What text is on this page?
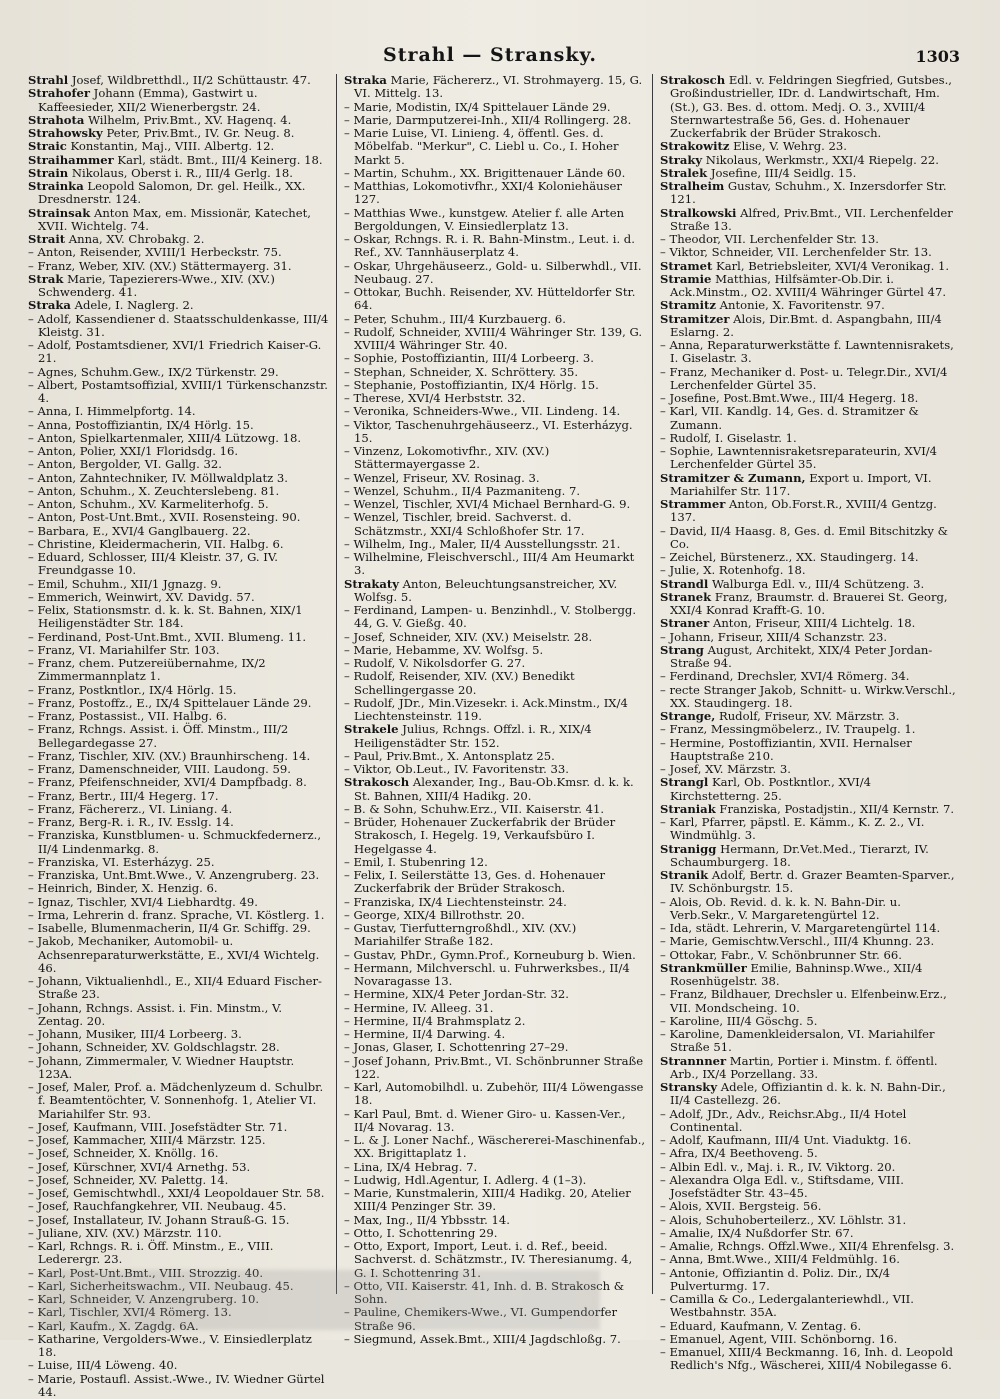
Strahl — Stransky.	1303
Strahl Josef, Wildbretthdl., II/2 Schüttaustr. 47.
Strahofer Johann (Emma), Gastwirt u. Kaffeesieder, XII/2 Wienerbergstr. 24.
Strahota Wilhelm, Priv.Bmt., XV. Hagenq. 4.
Strahowsky Peter, Priv.Bmt., IV. Gr. Neug. 8.
Straic Konstantin, Maj., VIII. Albertg. 12.
Straihammer Karl, städt. Bmt., III/4 Keinerg. 18.
Strain Nikolaus, Oberst i. R., III/4 Gerlg. 18.
Strainka Leopold Salomon, Dr. gel. Heilk., XX. Dresdnerstr. 124.
Strainsak Anton Max, em. Missionär, Katechet, XVII. Wichtelg. 74.
Strait Anna, XV. Chrobakg. 2.
– Anton, Reisender, XVIII/1 Herbeckstr. 75.
– Franz, Weber, XIV. (XV.) Stättermayerg. 31.
Strak Marie, Tapezierers-Wwe., XIV. (XV.) Schwenderg. 41.
Straka Adele, I. Naglerg. 2.
– Adolf, Kassendiener d. Staatsschuldenkasse, III/4 Kleistg. 31.
– Adolf, Postamtsdiener, XVI/1 Friedrich Kaiser-G. 21.
– Agnes, Schuhm.Gew., IX/2 Türkenstr. 29.
– Albert, Postamtsoffizial, XVIII/1 Türkenschanzstr. 4.
– Anna, I. Himmelpfortg. 14.
– Anna, Postoffiziantin, IX/4 Hörlg. 15.
– Anton, Spielkartenmaler, XIII/4 Lützowg. 18.
– Anton, Polier, XXI/1 Floridsdg. 16.
– Anton, Bergolder, VI. Gallg. 32.
– Anton, Zahntechniker, IV. Möllwaldplatz 3.
– Anton, Schuhm., X. Zeuchterslebeng. 81.
– Anton, Schuhm., XV. Karmeliterhofg. 5.
– Anton, Post-Unt.Bmt., XVII. Rosensteing. 90.
– Barbara, E., XVI/4 Ganglbauerg. 22.
– Christine, Kleidermacherin, VII. Halbg. 6.
– Eduard, Schlosser, III/4 Kleistr. 37, G. IV. Freundgasse 10.
– Emil, Schuhm., XII/1 Jgnazg. 9.
– Emmerich, Weinwirt, XV. Davidg. 57.
– Felix, Stationsmstr. d. k. k. St. Bahnen, XIX/1 Heiligenstädter Str. 184.
– Ferdinand, Post-Unt.Bmt., XVII. Blumeng. 11.
– Franz, VI. Mariahilfer Str. 103.
– Franz, chem. Putzereiübernahme, IX/2 Zimmermannplatz 1.
– Franz, Postkntlor., IX/4 Hörlg. 15.
– Franz, Postoffz., E., IX/4 Spittelauer Lände 29.
– Franz, Postassist., VII. Halbg. 6.
– Franz, Rchngs. Assist. i. Öff. Minstm., III/2 Bellegardegasse 27.
– Franz, Tischler, XIV. (XV.) Braunhirscheng. 14.
– Franz, Damenschneider, VIII. Laudong. 59.
– Franz, Pfeifenschneider, XVI/4 Dampfbadg. 8.
– Franz, Bertr., III/4 Hegerg. 17.
– Franz, Fächererz., VI. Liniang. 4.
– Franz, Berg-R. i. R., IV. Esslg. 14.
– Franziska, Kunstblumen- u. Schmuckfedernerz., II/4 Lindenmarkg. 8.
– Franziska, VI. Esterházyg. 25.
– Franziska, Unt.Bmt.Wwe., V. Anzengruberg. 23.
– Heinrich, Binder, X. Henzig. 6.
– Ignaz, Tischler, XVI/4 Liebhardtg. 49.
– Irma, Lehrerin d. franz. Sprache, VI. Köstlerg. 1.
– Isabelle, Blumenmacherin, II/4 Gr. Schiffg. 29.
– Jakob, Mechaniker, Automobil- u. Achsenreparaturwerkstätte, E., XVI/4 Wichtelg. 46.
– Johann, Viktualienhdl., E., XII/4 Eduard Fischer-Straße 23.
– Johann, Rchngs. Assist. i. Fin. Minstm., V. Zentag. 20.
– Johann, Musiker, III/4 Lorbeerg. 3.
– Johann, Schneider, XV. Goldschlagstr. 28.
– Johann, Zimmermaler, V. Wiedner Hauptstr. 123A.
– Josef, Maler, Prof. a. Mädchenlyzeum d. Schulbr. f. Beamtentöchter, V. Sonnenhofg. 1, Atelier VI. Mariahilfer Str. 93.
– Josef, Kaufmann, VIII. Josefstädter Str. 71.
– Josef, Kammacher, XIII/4 Märzstr. 125.
– Josef, Schneider, X. Knöllg. 16.
– Josef, Kürschner, XVI/4 Arnethg. 53.
– Josef, Schneider, XV. Palettg. 14.
– Josef, Gemischtwhdl., XXI/4 Leopoldauer Str. 58.
– Josef, Rauchfangkehrer, VII. Neubaug. 45.
– Josef, Installateur, IV. Johann Strauß-G. 15.
– Juliane, XIV. (XV.) Märzstr. 110.
– Karl, Rchngs. R. i. Öff. Minstm., E., VIII. Lederergr. 23.
– Karl, Post-Unt.Bmt., VIII. Strozzig. 40.
– Karl, Sicherheitswachm., VII. Neubaug. 45.
– Karl, Schneider, V. Anzengruberg. 10.
– Karl, Tischler, XVI/4 Römerg. 13.
– Karl, Kaufm., X. Zagdg. 6A.
– Katharine, Vergolders-Wwe., V. Einsiedlerplatz 18.
– Luise, III/4 Löweng. 40.
– Marie, Postaufl. Assist.-Wwe., IV. Wiedner Gürtel 44.
Straka Marie, Fächererz., VI. Strohmayerg. 15, G. VI. Mittelg. 13.
– Marie, Modistin, IX/4 Spittelauer Lände 29.
– Marie, Darmputzerei-Inh., XII/4 Rollingerg. 28.
– Marie Luise, VI. Linieng. 4, öffentl. Ges. d. Möbelfab. "Merkur", C. Liebl u. Co., I. Hoher Markt 5.
– Martin, Schuhm., XX. Brigittenauer Lände 60.
– Matthias, Lokomotivfhr., XXI/4 Koloniehäuser 127.
– Matthias Wwe., kunstgew. Atelier f. alle Arten Bergoldungen, V. Einsiedlerplatz 13.
– Oskar, Rchngs. R. i. R. Bahn-Minstm., Leut. i. d. Ref., XV. Tannhäuserplatz 4.
– Oskar, Uhrgehäuseerz., Gold- u. Silberwhdl., VII. Neubaug. 27.
– Ottokar, Buchh. Reisender, XV. Hütteldorfer Str. 64.
– Peter, Schuhm., III/4 Kurzbauerg. 6.
– Rudolf, Schneider, XVIII/4 Währinger Str. 139, G. XVIII/4 Währinger Str. 40.
– Sophie, Postoffiziantin, III/4 Lorbeerg. 3.
– Stephan, Schneider, X. Schröttery. 35.
– Stephanie, Postoffiziantin, IX/4 Hörlg. 15.
– Therese, XVI/4 Herbststr. 32.
– Veronika, Schneiders-Wwe., VII. Lindeng. 14.
– Viktor, Taschenuhrgehäuseerz., VI. Esterházyg. 15.
– Vinzenz, Lokomotivfhr., XIV. (XV.) Stättermayergasse 2.
– Wenzel, Friseur, XV. Rosinag. 3.
– Wenzel, Schuhm., II/4 Pazmaniteng. 7.
– Wenzel, Tischler, XVI/4 Michael Bernhard-G. 9.
– Wenzel, Tischler, breid. Sachverst. d. Schätzmstr., XXI/4 Schloßhofer Str. 17.
– Wilhelm, Ing., Maler, II/4 Ausstellungsstr. 21.
– Wilhelmine, Fleischverschl., III/4 Am Heumarkt 3.
Strakaty Anton, Beleuchtungsanstreicher, XV. Wolfsg. 5.
– Ferdinand, Lampen- u. Benzinhdl., V. Stolbergg. 44, G. V. Gießg. 40.
– Josef, Schneider, XIV. (XV.) Meiselstr. 28.
– Marie, Hebamme, XV. Wolfsg. 5.
– Rudolf, V. Nikolsdorfer G. 27.
– Rudolf, Reisender, XIV. (XV.) Benedikt Schellingergasse 20.
– Rudolf, JDr., Min.Vizesekr. i. Ack.Minstm., IX/4 Liechtensteinstr. 119.
Strakele Julius, Rchngs. Offzl. i. R., XIX/4 Heiligenstädter Str. 152.
– Paul, Priv.Bmt., X. Antonsplatz 25.
– Viktor, Ob.Leut., IV. Favoritenstr. 33.
Strakosch Alexander, Ing., Bau-Ob.Kmsr. d. k. k. St. Bahnen, XIII/4 Hadikg. 20.
– B. & Sohn, Schuhw.Erz., VII. Kaiserstr. 41.
– Brüder, Hohenauer Zuckerfabrik der Brüder Strakosch, I. Hegelg. 19, Verkaufsbüro I. Hegelgasse 4.
– Emil, I. Stubenring 12.
– Felix, I. Seilerstätte 13, Ges. d. Hohenauer Zuckerfabrik der Brüder Strakosch.
– Franziska, IX/4 Liechtensteinstr. 24.
– George, XIX/4 Billrothstr. 20.
– Gustav, Tierfutterngroßhdl., XIV. (XV.) Mariahilfer Straße 182.
– Gustav, PhDr., Gymn.Prof., Korneuburg b. Wien.
– Hermann, Milchverschl. u. Fuhrwerksbes., II/4 Novaragasse 13.
– Hermine, XIX/4 Peter Jordan-Str. 32.
– Hermine, IV. Alleeg. 31.
– Hermine, II/4 Brahmsplatz 2.
– Hermine, II/4 Darwing. 4.
– Jonas, Glaser, I. Schottenring 27–29.
– Josef Johann, Priv.Bmt., VI. Schönbrunner Straße 122.
– Karl, Automobilhdl. u. Zubehör, III/4 Löwengasse 18.
– Karl Paul, Bmt. d. Wiener Giro- u. Kassen-Ver., II/4 Novarag. 13.
– L. & J. Loner Nachf., Wäschererei-Maschinenfab., XX. Brigittaplatz 1.
– Lina, IX/4 Hebrag. 7.
– Ludwig, Hdl.Agentur, I. Adlerg. 4 (1–3).
– Marie, Kunstmalerin, XIII/4 Hadikg. 20, Atelier XIII/4 Penzinger Str. 39.
– Max, Ing., II/4 Ybbsstr. 14.
– Otto, I. Schottenring 29.
– Otto, Export, Import, Leut. i. d. Ref., beeid. Sachverst. d. Schätzmstr., IV. Theresianumg. 4, G. I. Schottenring 31.
– Otto, VII. Kaiserstr. 41, Inh. d. B. Strakosch & Sohn.
– Pauline, Chemikers-Wwe., VI. Gumpendorfer Straße 96.
– Siegmund, Assek.Bmt., XIII/4 Jagdschloßg. 7.
Strakosch Edl. v. Feldringen Siegfried, Gutsbes., Großindustrieller, IDr. d. Landwirtschaft, Hm. (St.), G3. Bes. d. ottom. Medj. O. 3., XVIII/4 Sternwartestraße 56, Ges. d. Hohenauer Zuckerfabrik der Brüder Strakosch.
Strakowitz Elise, V. Wehrg. 23.
Straky Nikolaus, Werkmstr., XXI/4 Riepelg. 22.
Stralek Josefine, III/4 Seidlg. 15.
Stralheim Gustav, Schuhm., X. Inzersdorfer Str. 121.
Stralkowski Alfred, Priv.Bmt., VII. Lerchenfelder Straße 13.
– Theodor, VII. Lerchenfelder Str. 13.
– Viktor, Schneider, VII. Lerchenfelder Str. 13.
Stramet Karl, Betriebsleiter, XVI/4 Veronikag. 1.
Stramie Matthias, Hilfsämter-Ob.Dir. i. Ack.Minstm., O2. XVIII/4 Währinger Gürtel 47.
Stramitz Antonie, X. Favoritenstr. 97.
Stramitzer Alois, Dir.Bmt. d. Aspangbahn, III/4 Eslarng. 2.
– Anna, Reparaturwerkstätte f. Lawntennisrakets, I. Giselastr. 3.
– Franz, Mechaniker d. Post- u. Telegr.Dir., XVI/4 Lerchenfelder Gürtel 35.
– Josefine, Post.Bmt.Wwe., III/4 Hegerg. 18.
– Karl, VII. Kandlg. 14, Ges. d. Stramitzer & Zumann.
– Rudolf, I. Giselastr. 1.
– Sophie, Lawntennisraketsreparateurin, XVI/4 Lerchenfelder Gürtel 35.
Stramitzer & Zumann, Export u. Import, VI. Mariahilfer Str. 117.
Strammer Anton, Ob.Forst.R., XVIII/4 Gentzg. 137.
– David, II/4 Haasg. 8, Ges. d. Emil Bitschitzky & Co.
– Zeichel, Bürstenerz., XX. Staudingerg. 14.
– Julie, X. Rotenhofg. 18.
Strandl Walburga Edl. v., III/4 Schützeng. 3.
Stranek Franz, Braumstr. d. Brauerei St. Georg, XXI/4 Konrad Krafft-G. 10.
Straner Anton, Friseur, XIII/4 Lichtelg. 18.
– Johann, Friseur, XIII/4 Schanzstr. 23.
Strang August, Architekt, XIX/4 Peter Jordan-Straße 94.
– Ferdinand, Drechsler, XVI/4 Römerg. 34.
– recte Stranger Jakob, Schnitt- u. Wirkw.Verschl., XX. Staudingerg. 18.
Strange, Rudolf, Friseur, XV. Märzstr. 3.
– Franz, Messingmöbelerz., IV. Traupelg. 1.
– Hermine, Postoffiziantin, XVII. Hernalser Hauptstraße 210.
– Josef, XV. Märzstr. 3.
Strangl Karl, Ob. Postkntlor., XVI/4 Kirchstetterng. 25.
Straniak Franziska, Postadjstin., XII/4 Kernstr. 7.
– Karl, Pfarrer, päpstl. E. Kämm., K. Z. 2., VI. Windmühlg. 3.
Stranigg Hermann, Dr.Vet.Med., Tierarzt, IV. Schaumburgerg. 18.
Stranik Adolf, Bertr. d. Grazer Beamten-Sparver., IV. Schönburgstr. 15.
– Alois, Ob. Revid. d. k. k. N. Bahn-Dir. u. Verb.Sekr., V. Margaretengürtel 12.
– Ida, städt. Lehrerin, V. Margaretengürtel 114.
– Marie, Gemischtw.Verschl., III/4 Khunng. 23.
– Ottokar, Fabr., V. Schönbrunner Str. 66.
Strankmüller Emilie, Bahninsp.Wwe., XII/4 Rosenhügelstr. 38.
– Franz, Bildhauer, Drechsler u. Elfenbeinw.Erz., VII. Mondscheing. 10.
– Karoline, III/4 Göschg. 5.
– Karoline, Damenkleidersalon, VI. Mariahilfer Straße 51.
Strannner Martin, Portier i. Minstm. f. öffentl. Arb., IX/4 Porzellang. 33.
Stransky Adele, Offiziantin d. k. k. N. Bahn-Dir., II/4 Castellezg. 26.
– Adolf, JDr., Adv., Reichsr.Abg., II/4 Hotel Continental.
– Adolf, Kaufmann, III/4 Unt. Viaduktg. 16.
– Afra, IX/4 Beethoveng. 5.
– Albin Edl. v., Maj. i. R., IV. Viktorg. 20.
– Alexandra Olga Edl. v., Stiftsdame, VIII. Josefstädter Str. 43–45.
– Alois, XVII. Bergsteig. 56.
– Alois, Schuhoberteilerz., XV. Löhlstr. 31.
– Amalie, IX/4 Nußdorfer Str. 67.
– Amalie, Rchngs. Offzl.Wwe., XII/4 Ehrenfelsg. 3.
– Anna, Bmt.Wwe., XIII/4 Feldmühlg. 16.
– Antonie, Offiziantin d. Poliz. Dir., IX/4 Pulverturmg. 17.
– Camilla & Co., Ledergalanteriewhdl., VII. Westbahnstr. 35A.
– Eduard, Kaufmann, V. Zentag. 6.
– Emanuel, Agent, VIII. Schönborng. 16.
– Emanuel, XIII/4 Beckmanng. 16, Inh. d. Leopold Redlich's Nfg., Wäscherei, XIII/4 Nobilegasse 6.
